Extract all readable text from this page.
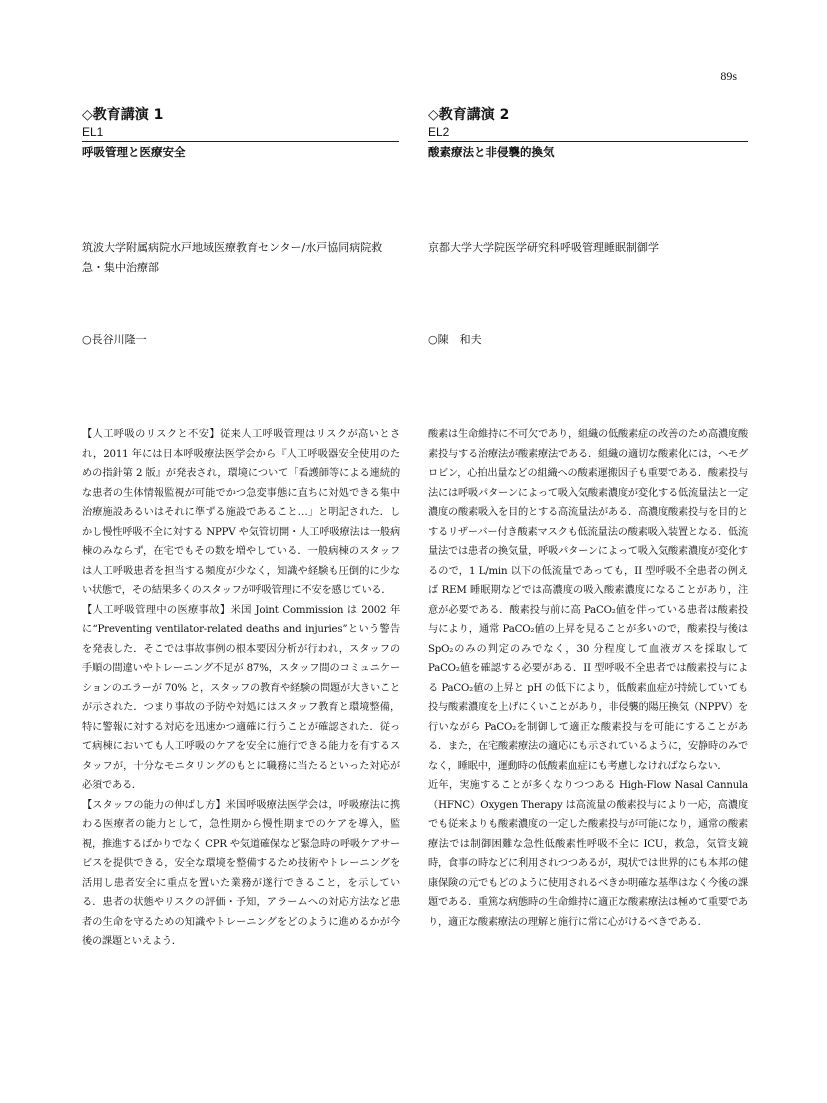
89s
◇教育講演 1
EL1
呼吸管理と医療安全
◇教育講演 2
EL2
酸素療法と非侵襲的換気
筑波大学附属病院水戸地域医療教育センター/水戸協同病院救急・集中治療部
京都大学大学院医学研究科呼吸管理睡眠制御学
○長谷川隆一	○陳　和夫

【人工呼吸のリスクと不安】従来人工呼吸管理はリスクが高いとされ，2011 年には日本呼吸療法医学会から『人工呼吸器安全使用のための指針第 2 版』が発表され，環境について「看護師等による連続的な患者の生体情報監視が可能でかつ急変事態に直ちに対処できる集中治療施設あるいはそれに準ずる施設であること…」と明記された．しかし慢性呼吸不全に対する NPPV や気管切開・人工呼吸療法は一般病棟のみならず，在宅でもその数を増やしている．一般病棟のスタッフは人工呼吸患者を担当する頻度が少なく，知識や経験も圧倒的に少ない状態で，その結果多くのスタッフが呼吸管理に不安を感じている．

【人工呼吸管理中の医療事故】米国 Joint Commission は 2002 年に“Preventing ventilator-related deaths and injuries”という警告を発表した．そこでは事故事例の根本要因分析が行われ，スタッフの手順の間違いやトレーニング不足が 87%，スタッフ間のコミュニケーションのエラーが 70% と，スタッフの教育や経験の問題が大きいことが示された．つまり事故の予防や対処にはスタッフ教育と環境整備，特に警報に対する対応を迅速かつ適確に行うことが確認された．従って病棟においても人工呼吸のケアを安全に施行できる能力を有するスタッフが，十分なモニタリングのもとに職務に当たるといった対応が必須である．

【スタッフの能力の伸ばし方】米国呼吸療法医学会は，呼吸療法に携わる医療者の能力として，急性期から慢性期までのケアを導入，監視，推進するばかりでなく CPR や気道確保など緊急時の呼吸ケアサービスを提供できる，安全な環境を整備するため技術やトレーニングを活用し患者安全に重点を置いた業務が遂行できること，を示している．患者の状態やリスクの評価・予知，アラームへの対応方法など患者の生命を守るための知識やトレーニングをどのように進めるかが今後の課題といえよう．

酸素は生命維持に不可欠であり，組織の低酸素症の改善のため高濃度酸素投与する治療法が酸素療法である．組織の適切な酸素化には，ヘモグロビン，心拍出量などの組織への酸素運搬因子も重要である．酸素投与法には呼吸パターンによって吸入気酸素濃度が変化する低流量法と一定濃度の酸素吸入を目的とする高流量法がある．高濃度酸素投与を目的とするリザーバー付き酸素マスクも低流量法の酸素吸入装置となる．低流量法では患者の換気量，呼吸パターンによって吸入気酸素濃度が変化するので，1 L/min 以下の低流量であっても，II 型呼吸不全患者の例えば REM 睡眠期などでは高濃度の吸入酸素濃度になることがあり，注意が必要である．酸素投与前に高 PaCO₂値を伴っている患者は酸素投与により，通常 PaCO₂値の上昇を見ることが多いので，酸素投与後は SpO₂のみの判定のみでなく，30 分程度して血液ガスを採取して PaCO₂値を確認する必要がある．II 型呼吸不全患者では酸素投与による PaCO₂値の上昇と pH の低下により，低酸素血症が持続していても投与酸素濃度を上げにくいことがあり，非侵襲的陽圧換気（NPPV）を行いながら PaCO₂を制御して適正な酸素投与を可能にすることがある．また，在宅酸素療法の適応にも示されているように，安静時のみでなく，睡眠中，運動時の低酸素血症にも考慮しなければならない．

近年，実施することが多くなりつつある High-Flow Nasal Cannula（HFNC）Oxygen Therapy は高流量の酸素投与により一応，高濃度でも従来よりも酸素濃度の一定した酸素投与が可能になり，通常の酸素療法では制御困難な急性低酸素性呼吸不全に ICU，救急，気管支鏡時，食事の時などに利用されつつあるが，現状では世界的にも本邦の健康保険の元でもどのように使用されるべきか明確な基準はなく今後の課題である．重篤な病態時の生命維持に適正な酸素療法は極めて重要であり，適正な酸素療法の理解と施行に常に心がけるべきである．
